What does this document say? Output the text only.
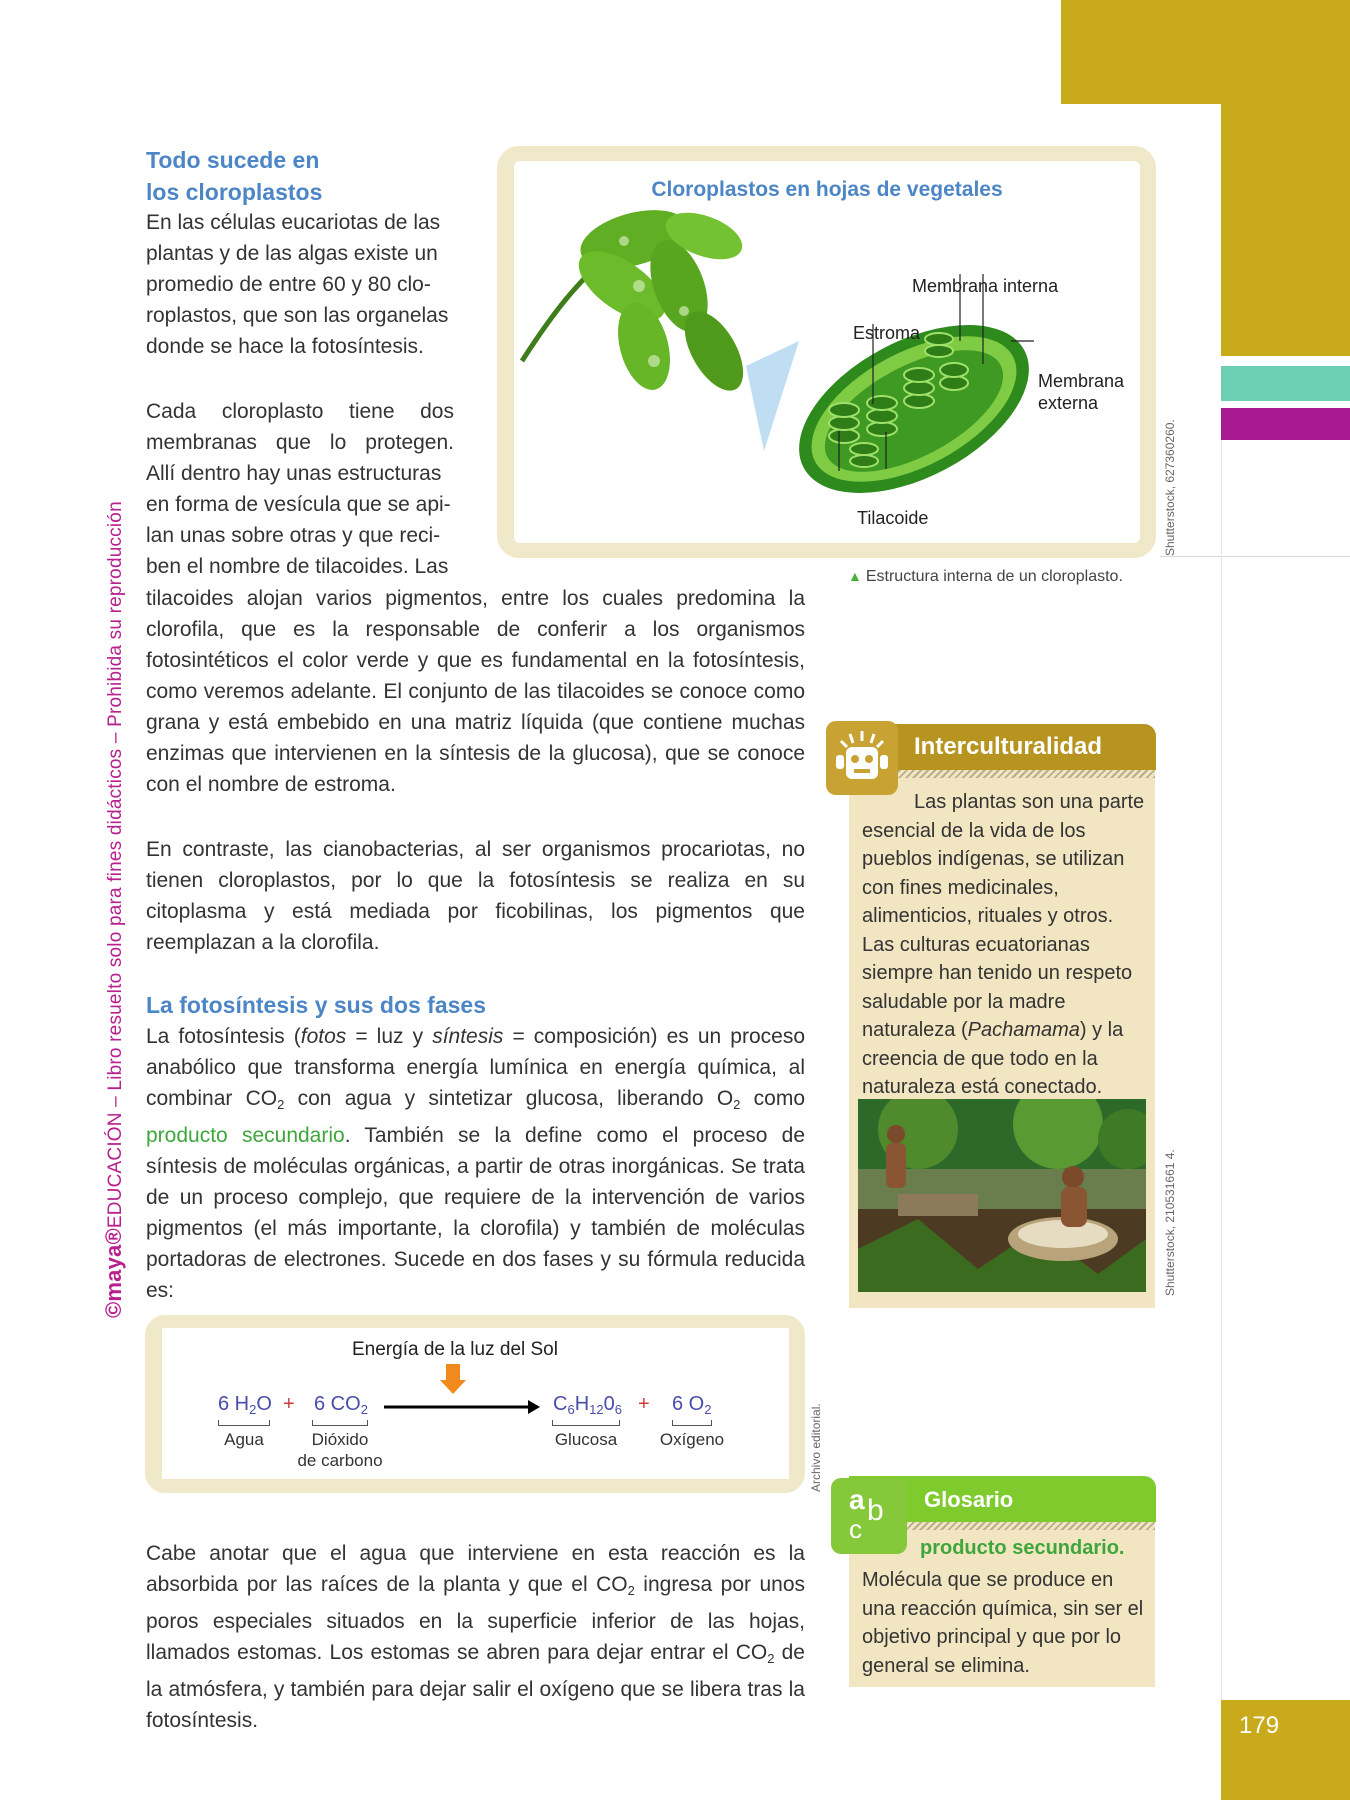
179
©maya®EDUCACIÓN – Libro resuelto solo para fines didácticos – Prohibida su reproducción
Todo sucede en
los cloroplastos
En las células eucariotas de las
plantas y de las algas existe un
promedio de entre 60 y 80 clo-
roplastos, que son las organelas
donde se hace la fotosíntesis.
Cada cloroplasto tiene dos
membranas que lo protegen.
Allí dentro hay unas estructuras
en forma de vesícula que se api-
lan unas sobre otras y que reci-
ben el nombre de tilacoides. Las
tilacoides alojan varios pigmentos, entre los cuales predomina la clorofila, que es la responsable de conferir a los organismos fotosintéticos el color verde y que es fundamental en la fotosíntesis, como veremos adelante. El conjunto de las tilacoides se conoce como grana y está embebido en una matriz líquida (que contiene muchas enzimas que intervienen en la síntesis de la glucosa), que se conoce con el nombre de estroma.
En contraste, las cianobacterias, al ser organismos procariotas, no tienen cloroplastos, por lo que la fotosíntesis se realiza en su citoplasma y está mediada por ficobilinas, los pigmentos que reemplazan a la clorofila.
Cloroplastos en hojas de vegetales
Membrana interna
Estroma
Membrana
externa
Tilacoide	Shutterstock, 627360260.
▲ Estructura interna de un cloroplasto.
Interculturalidad
Las plantas son una parte esencial de la vida de los pueblos indígenas, se utilizan con fines medicinales, alimenticios, rituales y otros. Las culturas ecuatorianas siempre han tenido un respeto saludable por la madre naturaleza (Pachamama) y la creencia de que todo en la naturaleza está conectado.
Shutterstock, 210531661 4.
La fotosíntesis y sus dos fases
La fotosíntesis (fotos = luz y síntesis = composición) es un proceso anabólico que transforma energía lumínica en energía química, al combinar $CO_2$ con agua y sintetizar glucosa, liberando $O_2$ como producto secundario. También se la define como el proceso de síntesis de moléculas orgánicas, a partir de otras inorgánicas. Se trata de un proceso complejo, que requiere de la intervención de varios pigmentos (el más importante, la clorofila) y también de moléculas portadoras de electrones. Sucede en dos fases y su fórmula reducida es:
Energía de la luz del Sol
6 $H_2O + 6$ $CO_2$	$C_6H_{12}0_6 + 6$ $O_2$
Agua	Dióxido
de carbono
Glucosa	Oxígeno	Archivo editorial.
Cabe anotar que el agua que interviene en esta reacción es la absorbida por las raíces de la planta y que el $CO_2$ ingresa por unos poros especiales situados en la superficie inferior de las hojas, llamados estomas. Los estomas se abren para dejar entrar el $CO_2$ de la atmósfera, y también para dejar salir el oxígeno que se libera tras la fotosíntesis.
Glosario
a b
c
producto secundario.
Molécula que se produce en una reacción química, sin ser el objetivo principal y que por lo general se elimina.
